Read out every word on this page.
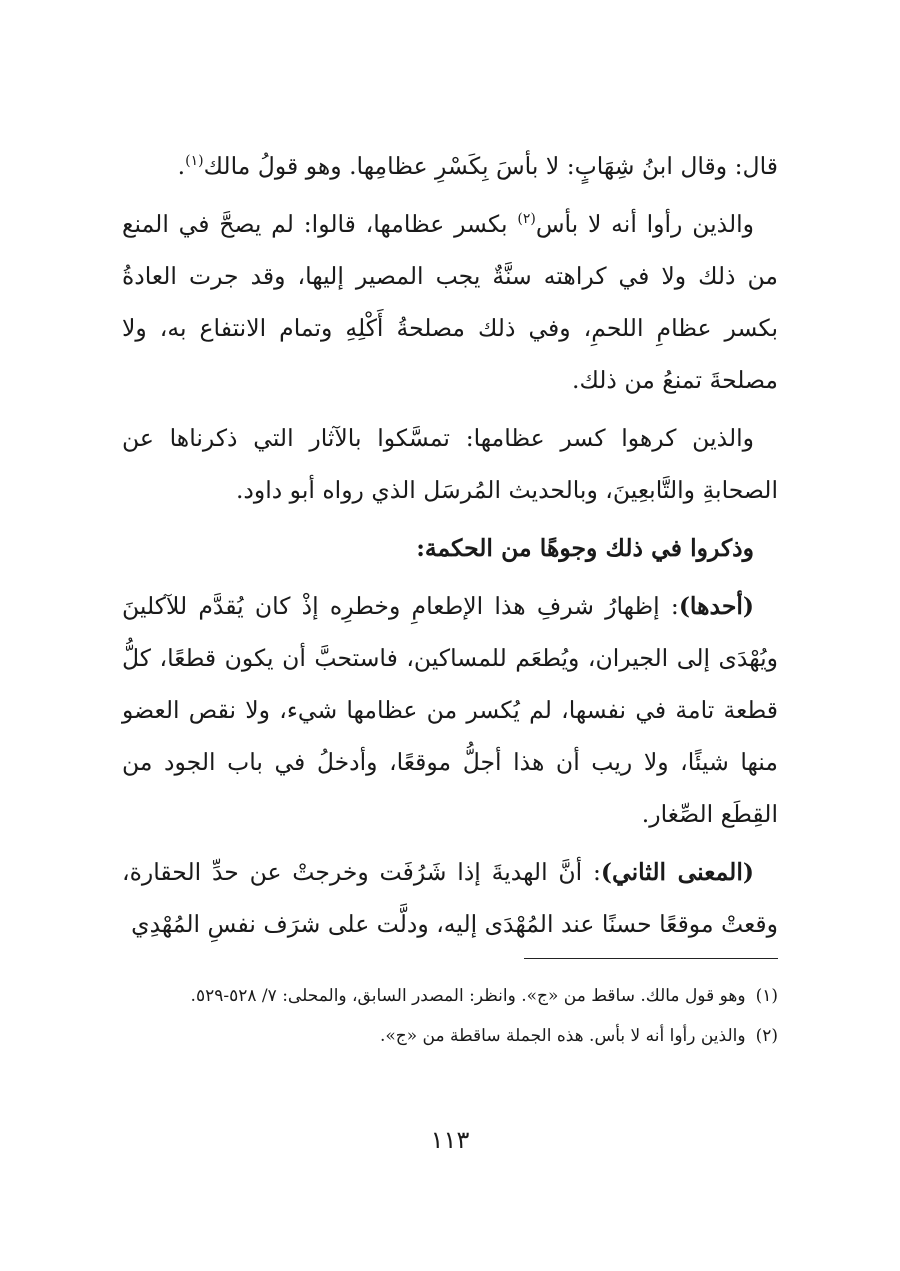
قال: وقال ابنُ شِهَابٍ: لا بأسَ بِكَسْرِ عظامِها. وهو قولُ مالك$^{(١)}$.

والذين رأوا أنه لا بأس$^{(٢)}$ بكسر عظامها، قالوا: لم يصحَّ في المنع من ذلك ولا في كراهته سنَّةٌ يجب المصير إليها، وقد جرت العادةُ بكسر عظامِ اللحمِ، وفي ذلك مصلحةُ أَكْلِهِ وتمام الانتفاع به، ولا مصلحةَ تمنعُ من ذلك.

والذين كرهوا كسر عظامها: تمسَّكوا بالآثار التي ذكرناها عن الصحابةِ والتَّابعِينَ، وبالحديث المُرسَل الذي رواه أبو داود.

وذكروا في ذلك وجوهًا من الحكمة:

(أحدها): إظهارُ شرفِ هذا الإطعامِ وخطرِه إذْ كان يُقدَّم للآكلينَ ويُهْدَى إلى الجيران، ويُطعَم للمساكين، فاستحبَّ أن يكون قطعًا، كلُّ قطعة تامة في نفسها، لم يُكسر من عظامها شيء، ولا نقص العضو منها شيئًا، ولا ريب أن هذا أجلُّ موقعًا، وأدخلُ في باب الجود من القِطَع الصِّغار.

(المعنى الثاني): أنَّ الهديةَ إذا شَرُفَت وخرجتْ عن حدِّ الحقارة، وقعتْ موقعًا حسنًا عند المُهْدَى إليه، ودلَّت على شرَف نفسِ المُهْدِي

(١)وهو قول مالك. ساقط من «ج». وانظر: المصدر السابق، والمحلى: ٧/ ٥٢٨-٥٢٩.

(٢)والذين رأوا أنه لا بأس. هذه الجملة ساقطة من «ج».

١١٣
